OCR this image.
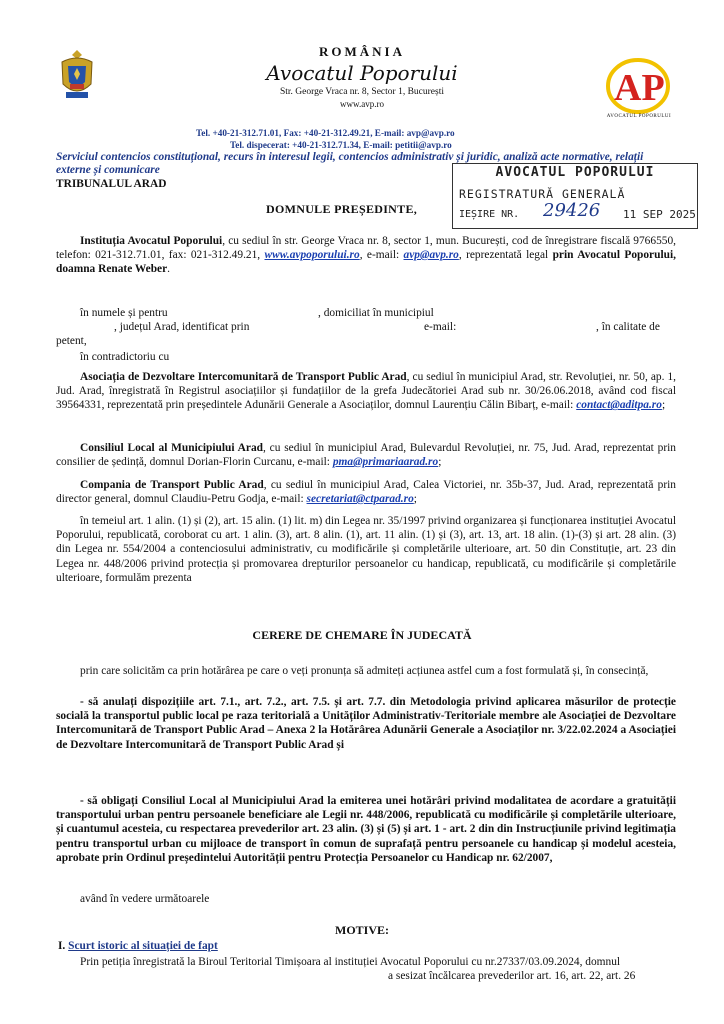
ROMÂNIA
Avocatul Poporului
Str. George Vraca nr. 8, Sector 1, București
www.avp.ro	AP
AVOCATUL POPORULUI
Tel. +40-21-312.71.01, Fax: +40-21-312.49.21, E-mail: avp@avp.ro
Tel. dispecerat: +40-21-312.71.34, E-mail: petitii@avp.ro
Serviciul contencios constituțional, recurs în interesul legii, contencios administrativ și juridic, analiză acte normative, relații externe și comunicare
TRIBUNALUL ARAD
AVOCATUL POPORULUI
REGISTRATURĂ GENERALĂ
IEȘIRE NR. 29426 11 SEP 2025
DOMNULE PREȘEDINTE,
Instituția Avocatul Poporului, cu sediul în str. George Vraca nr. 8, sector 1, mun. București, cod de înregistrare fiscală 9766550, telefon: 021-312.71.01, fax: 021-312.49.21, www.avpoporului.ro, e-mail: avp@avp.ro, reprezentată legal prin Avocatul Poporului, doamna Renate Weber.
în numele și pentru	, domiciliat în municipiul
, județul Arad, identificat prin	e-mail:	, în calitate de petent,
în contradictoriu cu
Asociația de Dezvoltare Intercomunitară de Transport Public Arad, cu sediul în municipiul Arad, str. Revoluției, nr. 50, ap. 1, Jud. Arad, înregistrată în Registrul asociațiilor și fundațiilor de la grefa Judecătoriei Arad sub nr. 30/26.06.2018, având cod fiscal 39564331, reprezentată prin președintele Adunării Generale a Asociaților, domnul Laurențiu Călin Bibarț, e-mail: contact@aditpa.ro;
Consiliul Local al Municipiului Arad, cu sediul în municipiul Arad, Bulevardul Revoluției, nr. 75, Jud. Arad, reprezentat prin consilier de ședință, domnul Dorian-Florin Curcanu, e-mail: pma@primariaarad.ro;
Compania de Transport Public Arad, cu sediul în municipiul Arad, Calea Victoriei, nr. 35b-37, Jud. Arad, reprezentată prin director general, domnul Claudiu-Petru Godja, e-mail: secretariat@ctparad.ro;
în temeiul art. 1 alin. (1) și (2), art. 15 alin. (1) lit. m) din Legea nr. 35/1997 privind organizarea și funcționarea instituției Avocatul Poporului, republicată, coroborat cu art. 1 alin. (3), art. 8 alin. (1), art. 11 alin. (1) și (3), art. 13, art. 18 alin. (1)-(3) și art. 28 alin. (3) din Legea nr. 554/2004 a contenciosului administrativ, cu modificările și completările ulterioare, art. 50 din Constituție, art. 23 din Legea nr. 448/2006 privind protecția și promovarea drepturilor persoanelor cu handicap, republicată, cu modificările și completările ulterioare, formulăm prezenta
CERERE DE CHEMARE ÎN JUDECATĂ
prin care solicităm ca prin hotărârea pe care o veți pronunța să admiteți acțiunea astfel cum a fost formulată și, în consecință,
- să anulați dispozițiile art. 7.1., art. 7.2., art. 7.5. și art. 7.7. din Metodologia privind aplicarea măsurilor de protecție socială la transportul public local pe raza teritorială a Unităților Administrativ-Teritoriale membre ale Asociației de Dezvoltare Intercomunitară de Transport Public Arad – Anexa 2 la Hotărârea Adunării Generale a Asociaților nr. 3/22.02.2024 a Asociației de Dezvoltare Intercomunitară de Transport Public Arad și
- să obligați Consiliul Local al Municipiului Arad la emiterea unei hotărâri privind modalitatea de acordare a gratuității transportului urban pentru persoanele beneficiare ale Legii nr. 448/2006, republicată cu modificările și completările ulterioare, și cuantumul acesteia, cu respectarea prevederilor art. 23 alin. (3) și (5) și art. 1 - art. 2 din din Instrucțiunile privind legitimația pentru transportul urban cu mijloace de transport în comun de suprafață pentru persoanele cu handicap și modelul acesteia, aprobate prin Ordinul președintelui Autorității pentru Protecția Persoanelor cu Handicap nr. 62/2007,
având în vedere următoarele
MOTIVE:
I. Scurt istoric al situației de fapt
Prin petiția înregistrată la Biroul Teritorial Timișoara al instituției Avocatul Poporului cu nr.27337/03.09.2024, domnul
a sesizat încălcarea prevederilor art. 16, art. 22, art. 26
